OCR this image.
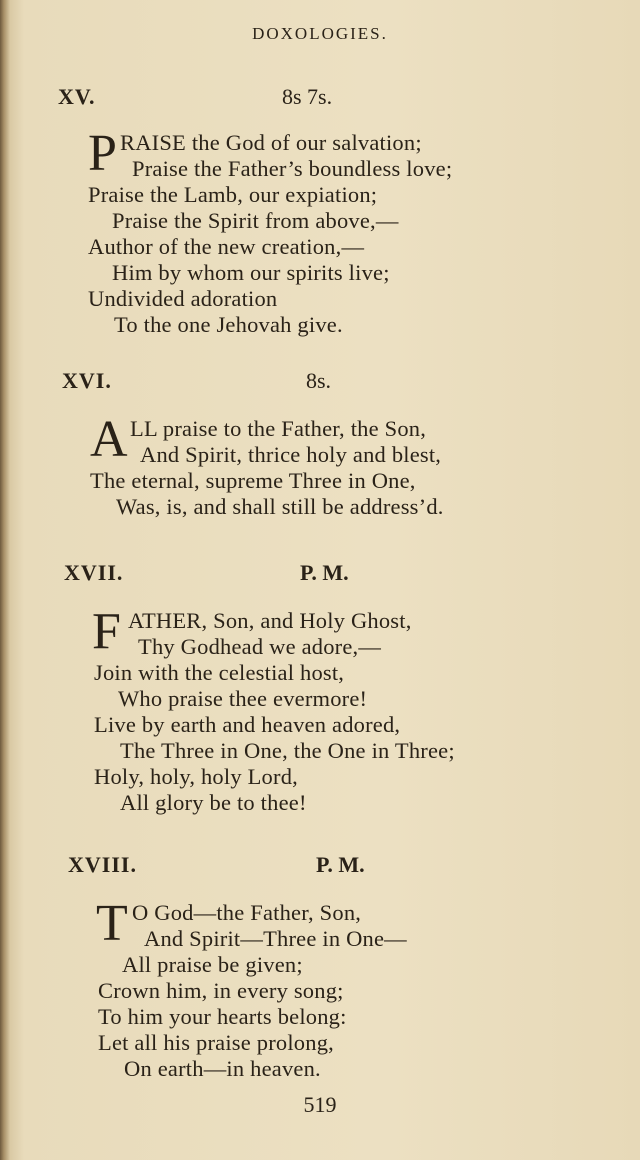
DOXOLOGIES.
XV.	8s 7s.
P RAISE the God of our salvation;
Praise the Father’s boundless love;
Praise the Lamb, our expiation;
Praise the Spirit from above,—
Author of the new creation,—
Him by whom our spirits live;
Undivided adoration
To the one Jehovah give.
XVI.	8s.
A LL praise to the Father, the Son,
And Spirit, thrice holy and blest,
The eternal, supreme Three in One,
Was, is, and shall still be address’d.
XVII.	P. M.
F ATHER, Son, and Holy Ghost,
Thy Godhead we adore,—
Join with the celestial host,
Who praise thee evermore!
Live by earth and heaven adored,
The Three in One, the One in Three;
Holy, holy, holy Lord,
All glory be to thee!
XVIII.	P. M.
T O God—the Father, Son,
And Spirit—Three in One—
All praise be given;
Crown him, in every song;
To him your hearts belong:
Let all his praise prolong,
On earth—in heaven.
519
